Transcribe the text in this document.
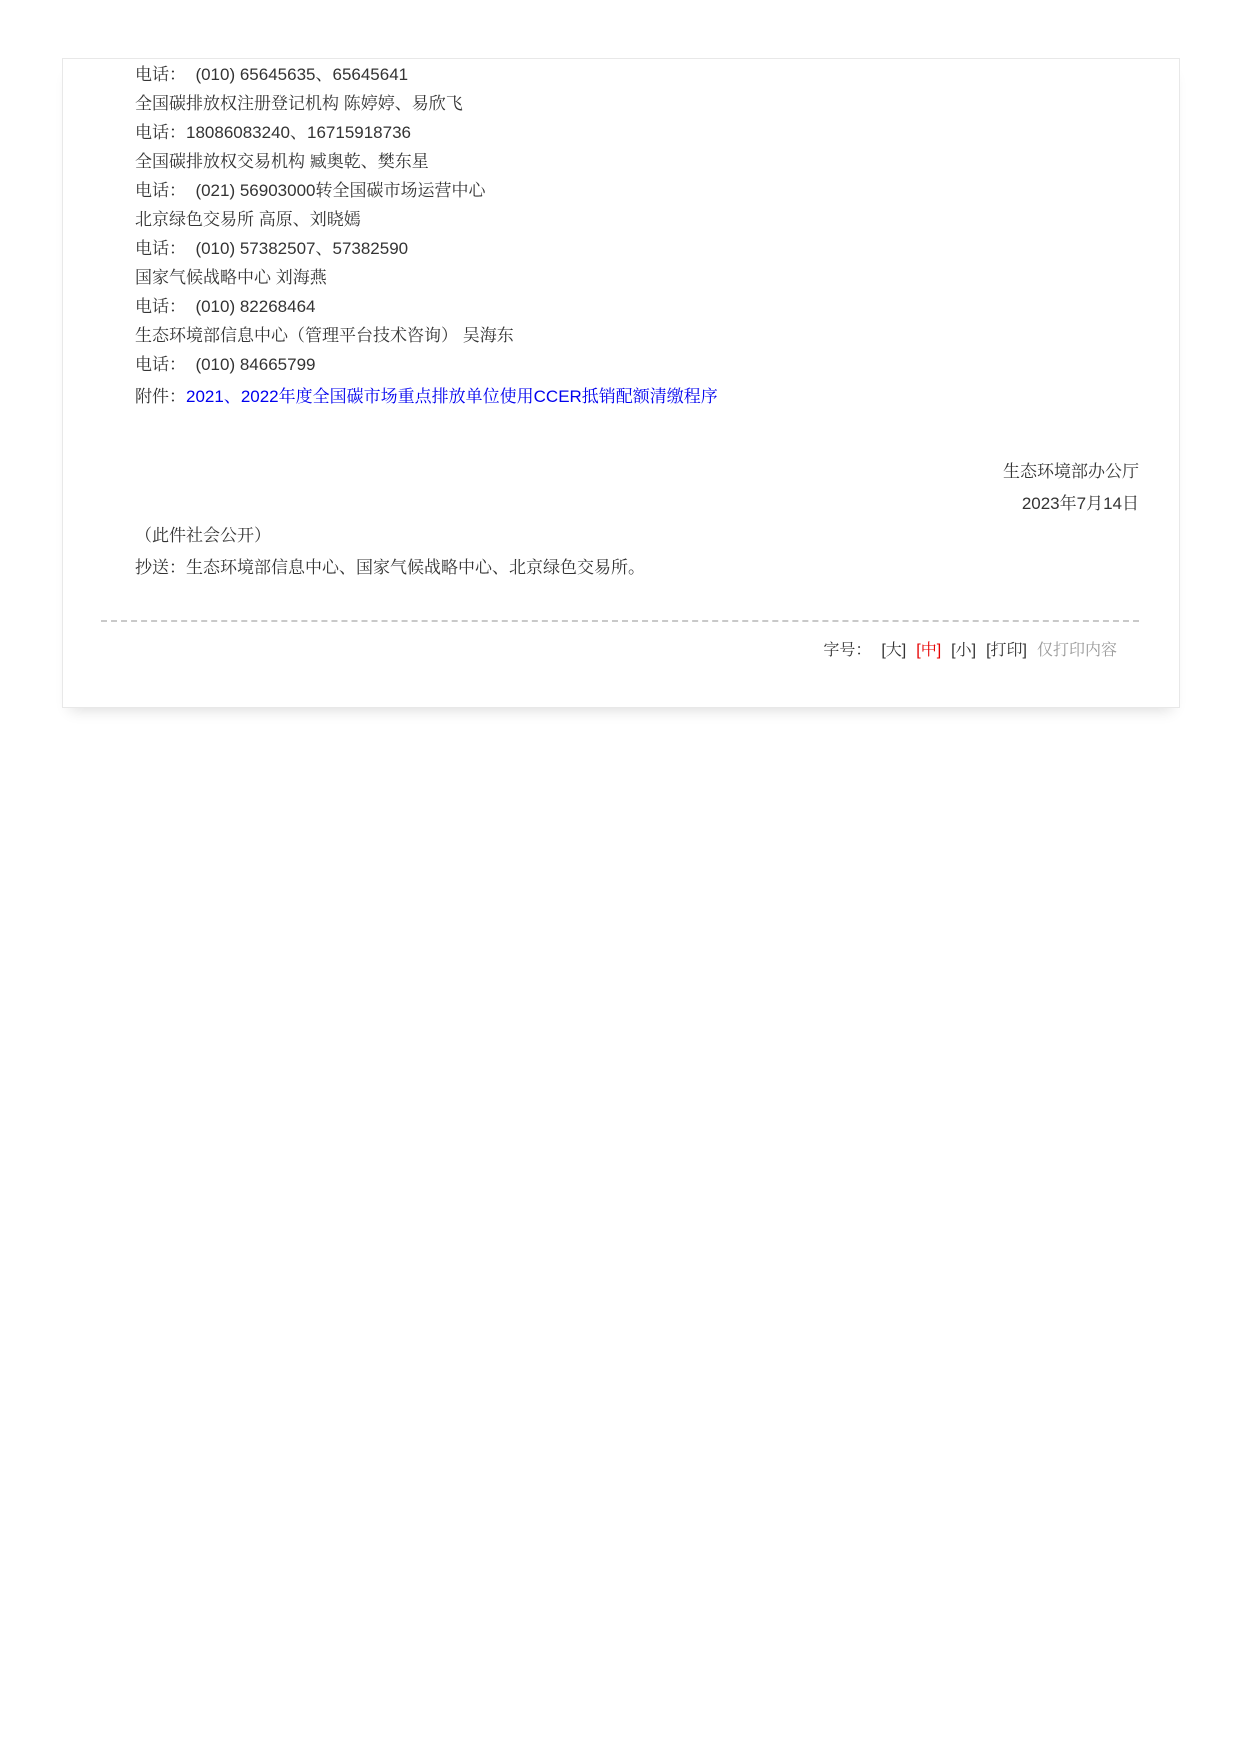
电话：  (010) 65645635、65645641

全国碳排放权注册登记机构 陈婷婷、易欣飞

电话：18086083240、16715918736

全国碳排放权交易机构 臧奥乾、樊东星

电话：  (021) 56903000转全国碳市场运营中心

北京绿色交易所 高原、刘晓嫣

电话：  (010) 57382507、57382590

国家气候战略中心 刘海燕

电话：  (010) 82268464

生态环境部信息中心（管理平台技术咨询） 吴海东

电话：  (010) 84665799

附件：2021、2022年度全国碳市场重点排放单位使用CCER抵销配额清缴程序

生态环境部办公厅

2023年7月14日

（此件社会公开）

抄送：生态环境部信息中心、国家气候战略中心、北京绿色交易所。

字号： [大] [中] [小] [打印] 仅打印内容
